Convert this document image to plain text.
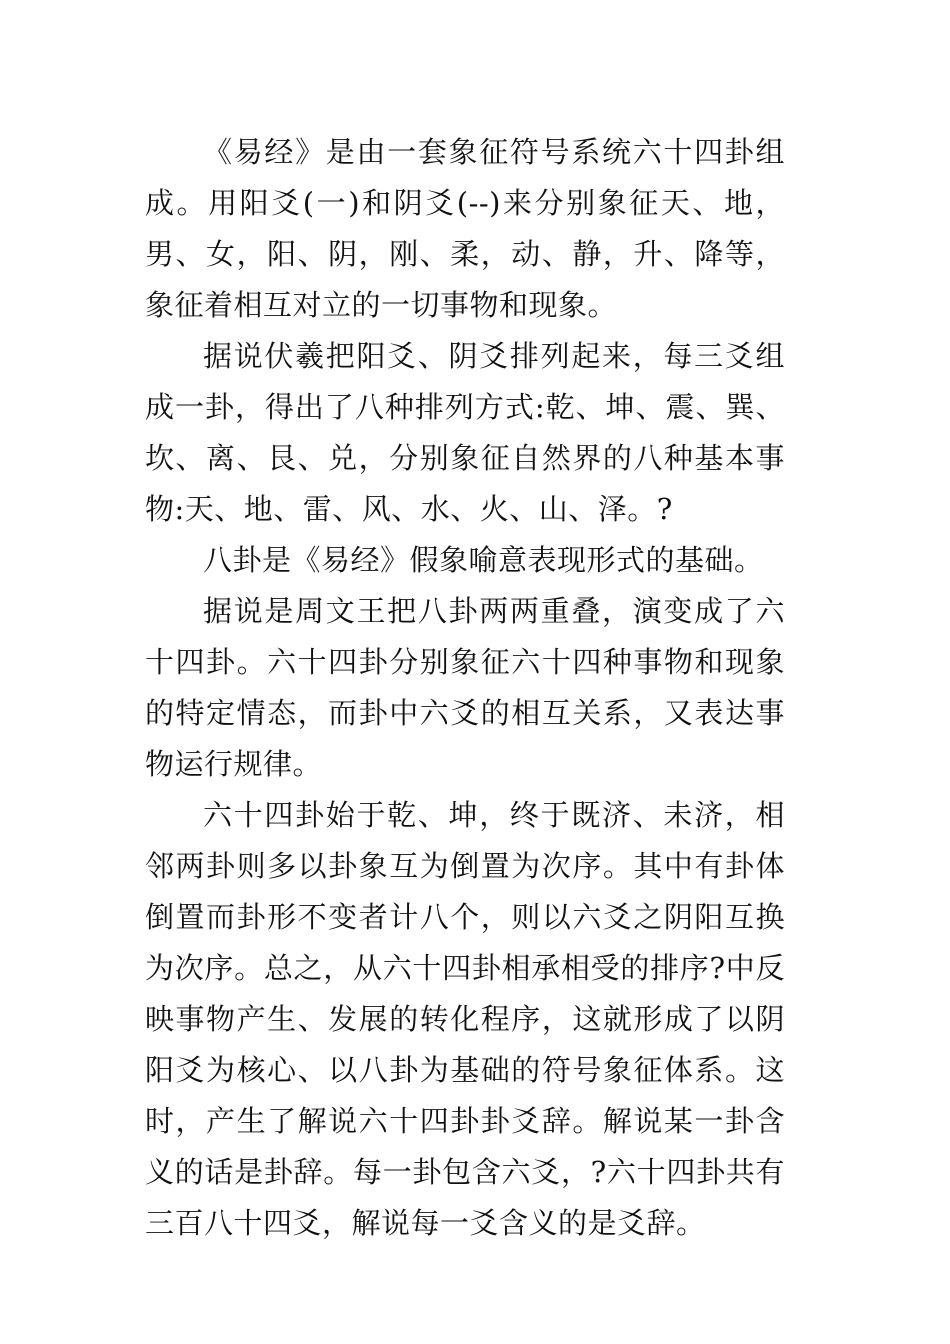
《易经》是由一套象征符号系统六十四卦组成。用阳爻(一)和阴爻(--)来分别象征天、地，男、女，阳、阴，刚、柔，动、静，升、降等，象征着相互对立的一切事物和现象。

据说伏羲把阳爻、阴爻排列起来，每三爻组成一卦，得出了八种排列方式:乾、坤、震、巽、坎、离、艮、兑，分别象征自然界的八种基本事物:天、地、雷、风、水、火、山、泽。?

八卦是《易经》假象喻意表现形式的基础。

据说是周文王把八卦两两重叠，演变成了六十四卦。六十四卦分别象征六十四种事物和现象的特定情态，而卦中六爻的相互关系，又表达事物运行规律。

六十四卦始于乾、坤，终于既济、未济，相邻两卦则多以卦象互为倒置为次序。其中有卦体倒置而卦形不变者计八个，则以六爻之阴阳互换为次序。总之，从六十四卦相承相受的排序?中反映事物产生、发展的转化程序，这就形成了以阴阳爻为核心、以八卦为基础的符号象征体系。这时，产生了解说六十四卦卦爻辞。解说某一卦含义的话是卦辞。每一卦包含六爻，?六十四卦共有三百八十四爻，解说每一爻含义的是爻辞。
